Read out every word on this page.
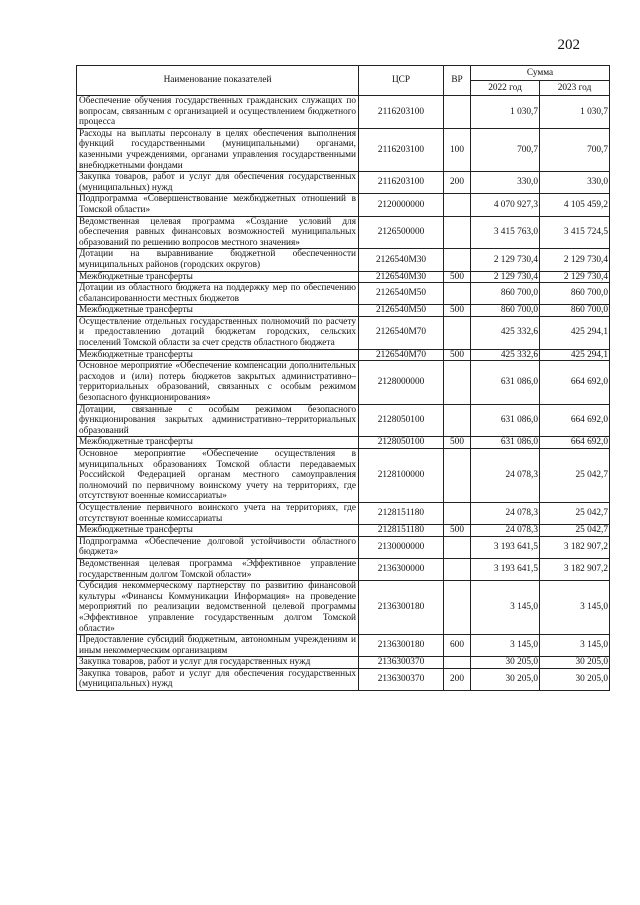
202
Наименование показателей	ЦСР	ВР	Сумма	
			2022 год	2023 год
Обеспечение обучения государственных гражданских служащих по вопросам, связанным с организацией и осуществлением бюджетного процесса	2116203100		1 030,7	1 030,7
Расходы на выплаты персоналу в целях обеспечения выполнения функций государственными (муниципальными) органами, казенными учреждениями, органами управления государственными внебюджетными фондами	2116203100	100	700,7	700,7
Закупка товаров, работ и услуг для обеспечения государственных (муниципальных) нужд	2116203100	200	330,0	330,0
Подпрограмма «Совершенствование межбюджетных отношений в Томской области»	2120000000		4 070 927,3	4 105 459,2
Ведомственная целевая программа «Создание условий для обеспечения равных финансовых возможностей муниципальных образований по решению вопросов местного значения»	2126500000		3 415 763,0	3 415 724,5
Дотации на выравнивание бюджетной обеспеченности муниципальных районов (городских округов)	2126540М30		2 129 730,4	2 129 730,4
Межбюджетные трансферты	2126540М30	500	2 129 730,4	2 129 730,4
Дотации из областного бюджета на поддержку мер по обеспечению сбалансированности местных бюджетов	2126540М50		860 700,0	860 700,0
Межбюджетные трансферты	2126540М50	500	860 700,0	860 700,0
Осуществление отдельных государственных полномочий по расчету и предоставлению дотаций бюджетам городских, сельских поселений Томской области за счет средств областного бюджета	2126540М70		425 332,6	425 294,1
Межбюджетные трансферты	2126540М70	500	425 332,6	425 294,1
Основное мероприятие «Обеспечение компенсации дополнительных расходов и (или) потерь бюджетов закрытых административно–территориальных образований, связанных с особым режимом безопасного функционирования»	2128000000		631 086,0	664 692,0
Дотации, связанные с особым режимом безопасного функционирования закрытых административно–территориальных образований	2128050100		631 086,0	664 692,0
Межбюджетные трансферты	2128050100	500	631 086,0	664 692,0
Основное мероприятие «Обеспечение осуществления в муниципальных образованиях Томской области передаваемых Российской Федерацией органам местного самоуправления полномочий по первичному воинскому учету на территориях, где отсутствуют военные комиссариаты»	2128100000		24 078,3	25 042,7
Осуществление первичного воинского учета на территориях, где отсутствуют военные комиссариаты	2128151180		24 078,3	25 042,7
Межбюджетные трансферты	2128151180	500	24 078,3	25 042,7
Подпрограмма «Обеспечение долговой устойчивости областного бюджета»	2130000000		3 193 641,5	3 182 907,2
Ведомственная целевая программа «Эффективное управление государственным долгом Томской области»	2136300000		3 193 641,5	3 182 907,2
Субсидия некоммерческому партнерству по развитию финансовой культуры «Финансы Коммуникации Информация» на проведение мероприятий по реализации ведомственной целевой программы «Эффективное управление государственным долгом Томской области»	2136300180		3 145,0	3 145,0
Предоставление субсидий бюджетным, автономным учреждениям и иным некоммерческим организациям	2136300180	600	3 145,0	3 145,0
Закупка товаров, работ и услуг для государственных нужд	2136300370		30 205,0	30 205,0
Закупка товаров, работ и услуг для обеспечения государственных (муниципальных) нужд	2136300370	200	30 205,0	30 205,0
